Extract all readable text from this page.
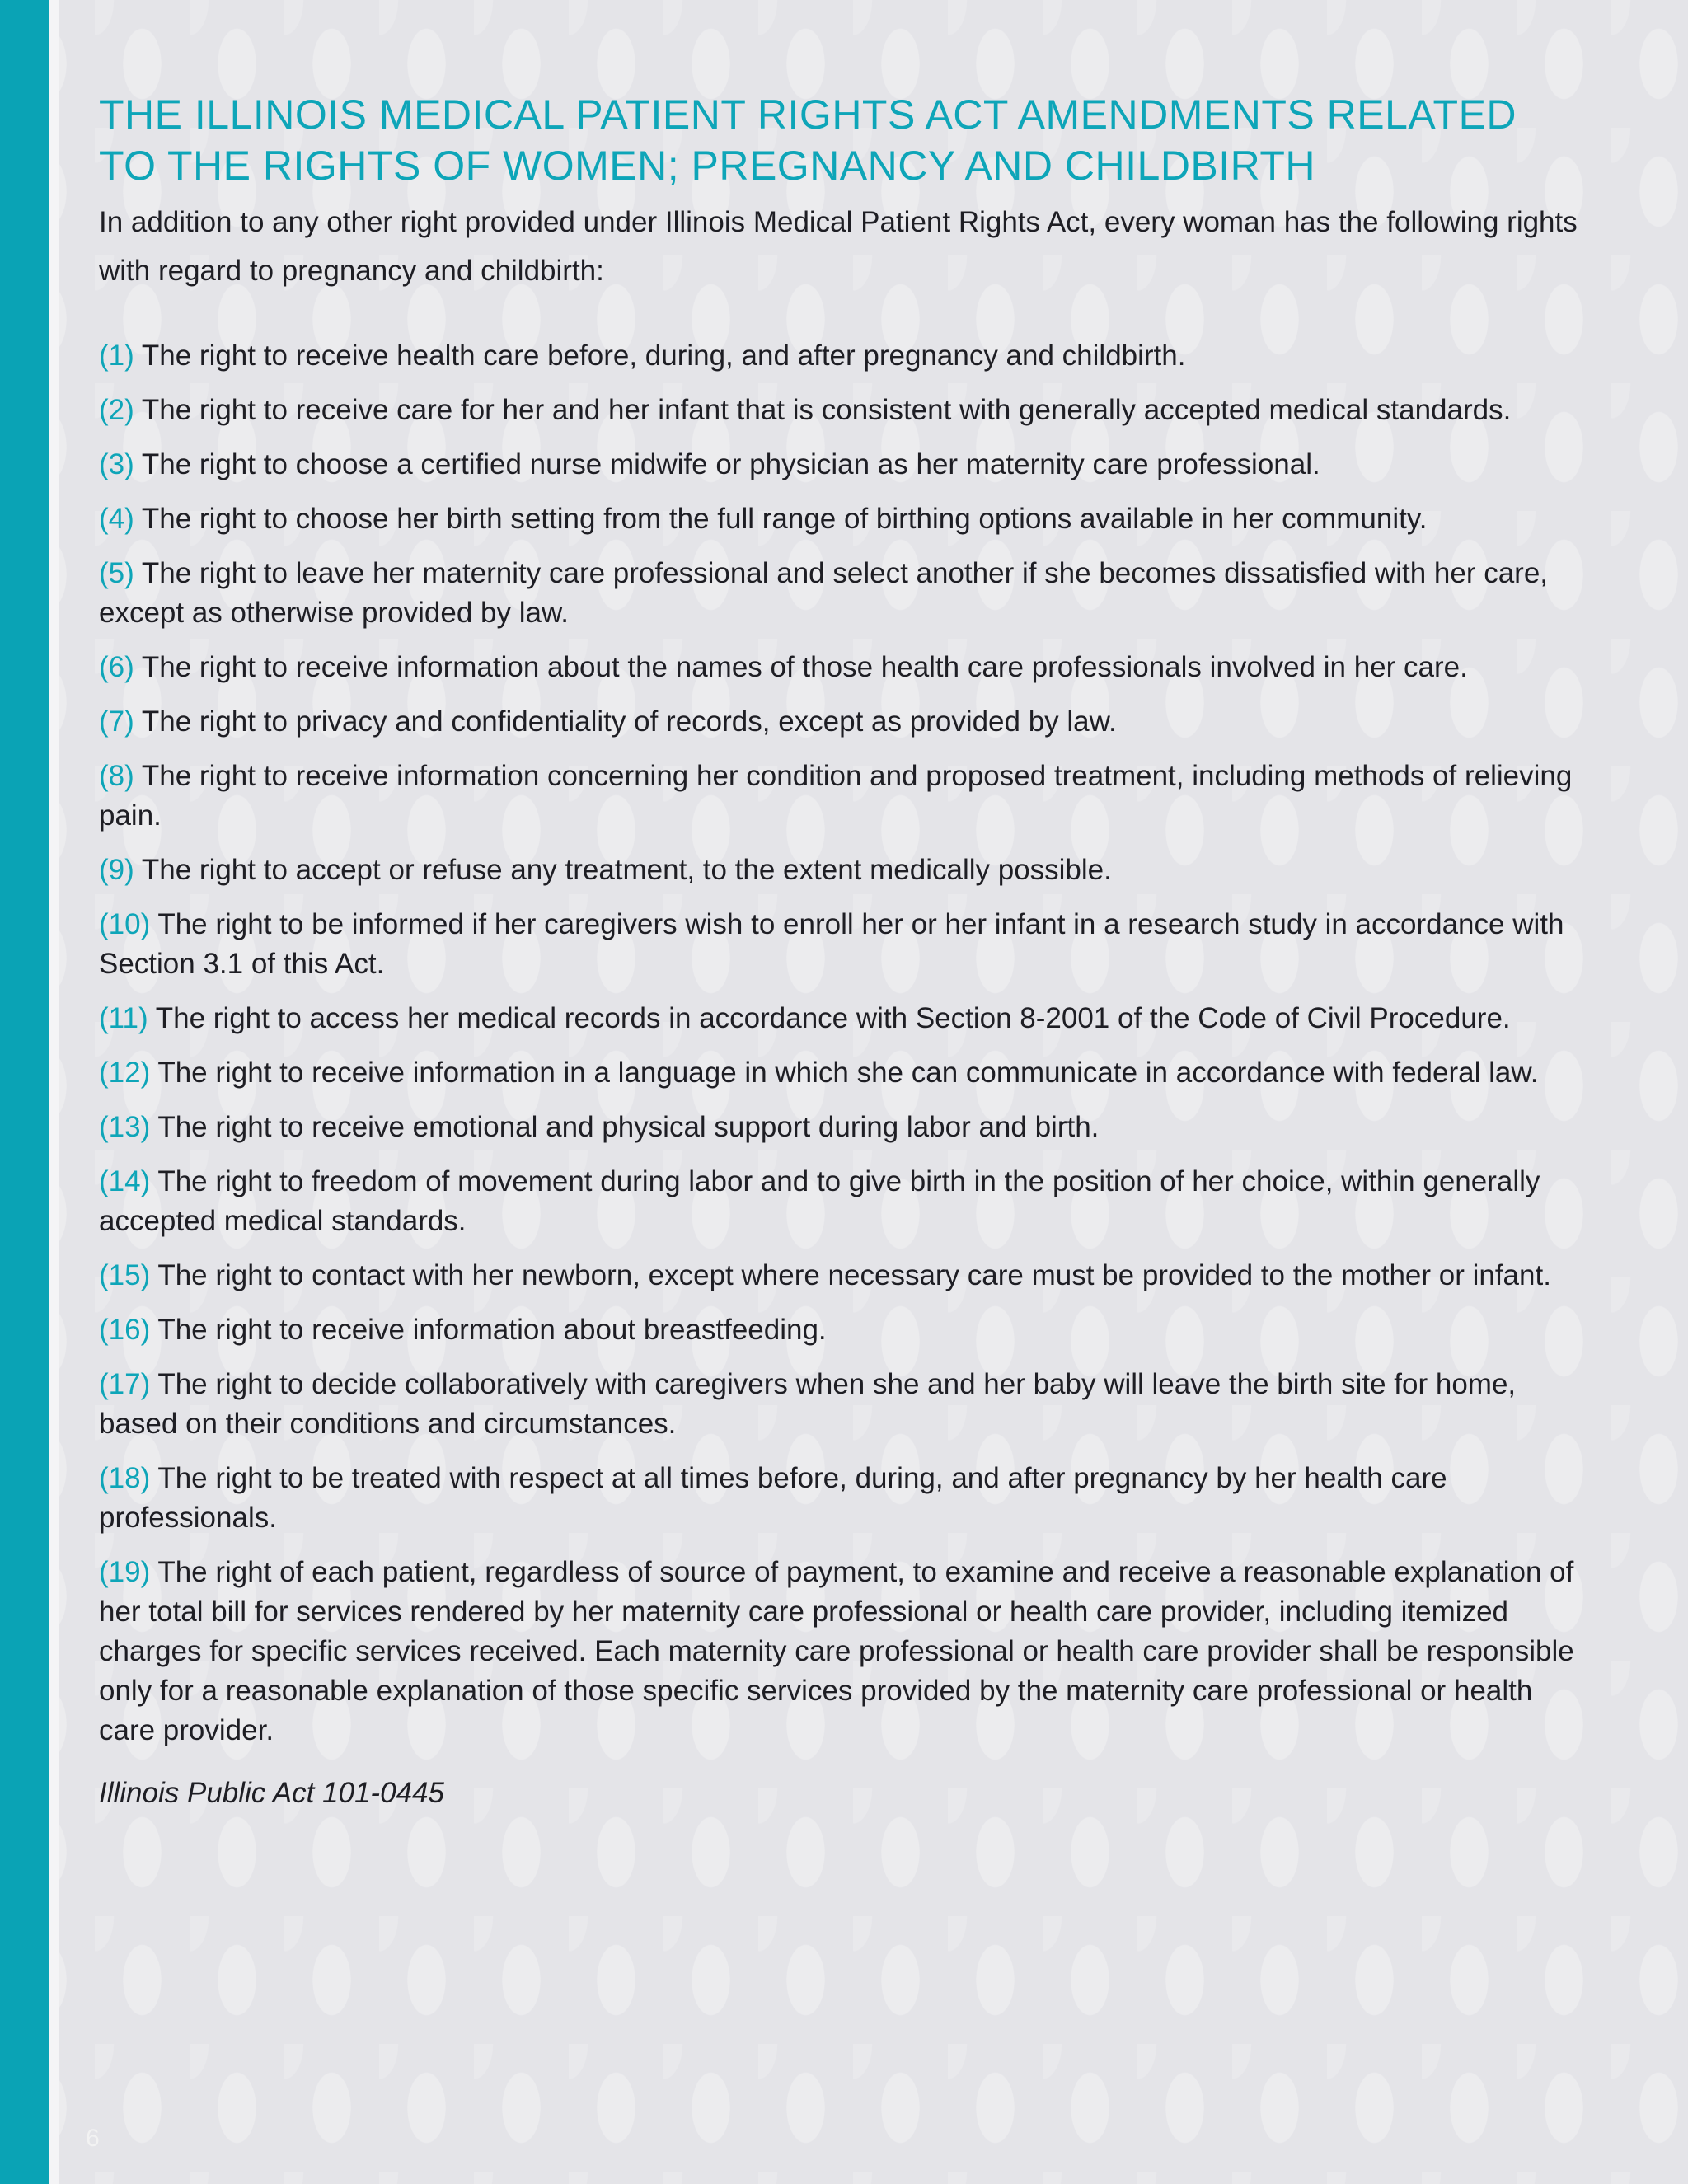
THE ILLINOIS MEDICAL PATIENT RIGHTS ACT AMENDMENTS RELATED
TO THE RIGHTS OF WOMEN; PREGNANCY AND CHILDBIRTH

In addition to any other right provided under Illinois Medical Patient Rights Act, every woman has the following rights with regard to pregnancy and childbirth:

(1) The right to receive health care before, during, and after pregnancy and childbirth.
(2) The right to receive care for her and her infant that is consistent with generally accepted medical standards.
(3) The right to choose a certified nurse midwife or physician as her maternity care professional.
(4) The right to choose her birth setting from the full range of birthing options available in her community.
(5) The right to leave her maternity care professional and select another if she becomes dissatisfied with her care, except as otherwise provided by law.
(6) The right to receive information about the names of those health care professionals involved in her care.
(7) The right to privacy and confidentiality of records, except as provided by law.
(8) The right to receive information concerning her condition and proposed treatment, including methods of relieving pain.
(9) The right to accept or refuse any treatment, to the extent medically possible.
(10) The right to be informed if her caregivers wish to enroll her or her infant in a research study in accordance with Section 3.1 of this Act.
(11) The right to access her medical records in accordance with Section 8-2001 of the Code of Civil Procedure.
(12) The right to receive information in a language in which she can communicate in accordance with federal law.
(13) The right to receive emotional and physical support during labor and birth.
(14) The right to freedom of movement during labor and to give birth in the position of her choice, within generally accepted medical standards.
(15) The right to contact with her newborn, except where necessary care must be provided to the mother or infant.
(16) The right to receive information about breastfeeding.
(17) The right to decide collaboratively with caregivers when she and her baby will leave the birth site for home, based on their conditions and circumstances.
(18) The right to be treated with respect at all times before, during, and after pregnancy by her health care professionals.
(19) The right of each patient, regardless of source of payment, to examine and receive a reasonable explanation of her total bill for services rendered by her maternity care professional or health care provider, including itemized charges for specific services received. Each maternity care professional or health care provider shall be responsible only for a reasonable explanation of those specific services provided by the maternity care professional or health care provider.
Illinois Public Act 101-0445
6
